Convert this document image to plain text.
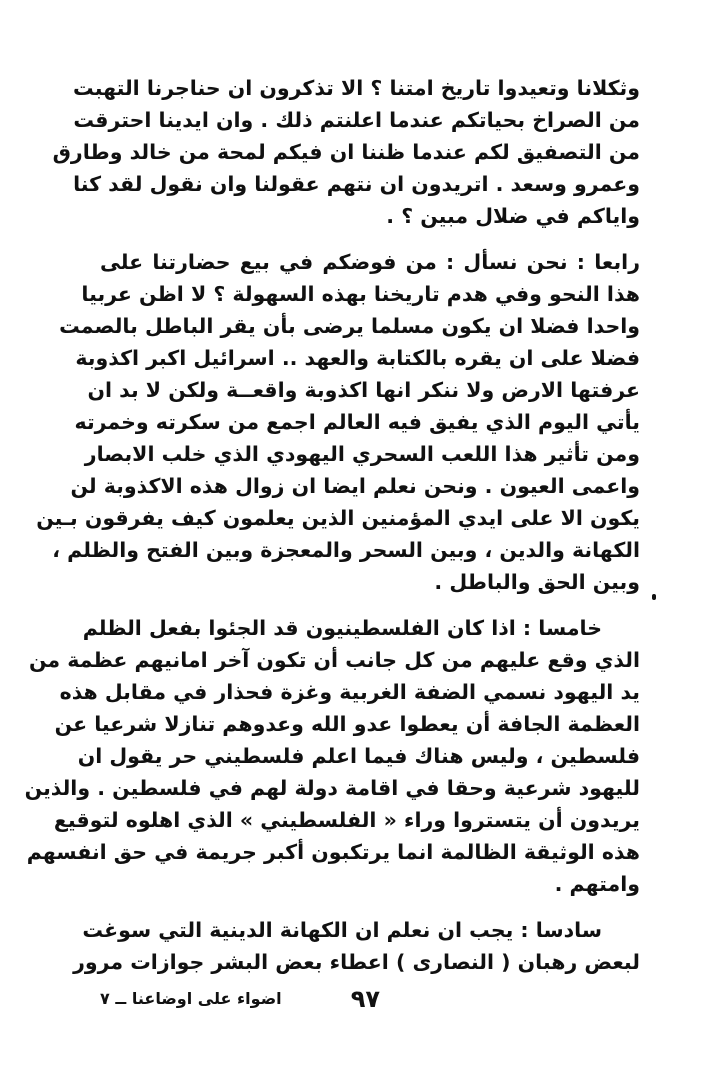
وثكلانا وتعيدوا تاريخ امتنا ؟ الا تذكرون ان حناجرنا التهبت
من الصراخ بحياتكم عندما اعلنتم ذلك . وان ايدينا احترقت
من التصفيق لكم عندما ظننا ان فيكم لمحة من خالد وطارق
وعمرو وسعد . اتريدون ان نتهم عقولنا وان نقول لقد كنا
واياكم في ضلال مبين ؟ .
رابعا : نحن نسأل : من فوضكم في بيع حضارتنا على
هذا النحو وفي هدم تاريخنا بهذه السهولة ؟ لا اظن عربيا
واحدا فضلا ان يكون مسلما يرضى بأن يقر الباطل بالصمت
فضلا على ان يقره بالكتابة والعهد .. اسرائيل اكبر اكذوبة
عرفتها الارض ولا ننكر انها اكذوبة واقعــة ولكن لا بد ان
يأتي اليوم الذي يفيق فيه العالم اجمع من سكرته وخمرته
ومن تأثير هذا اللعب السحري اليهودي الذي خلب الابصار
واعمى العيون . ونحن نعلم ايضا ان زوال هذه الاكذوبة لن
يكون الا على ايدي المؤمنين الذين يعلمون كيف يفرقون بـين
الكهانة والدين ، وبين السحر والمعجزة وبين الفتح والظلم ،
وبين الحق والباطل .
خامسا : اذا كان الفلسطينيون قد الجئوا بفعل الظلم
الذي وقع عليهم من كل جانب أن تكون آخر امانيهم عظمة من
يد اليهود نسمي الضفة الغربية وغزة فحذار في مقابل هذه
العظمة الجافة أن يعطوا عدو الله وعدوهم تنازلا شرعيا عن
فلسطين ، وليس هناك فيما اعلم فلسطيني حر يقول ان
لليهود شرعية وحقا في اقامة دولة لهم في فلسطين . والذين
يريدون أن يتستروا وراء « الفلسطيني » الذي اهلوه لتوقيع
هذه الوثيقة الظالمة انما يرتكبون أكبر جريمة في حق انفسهم
وامتهم .
سادسا : يجب ان نعلم ان الكهانة الدينية التي سوغت
لبعض رهبان ( النصارى ) اعطاء بعض البشر جوازات مرور
٩٧
اضواء على اوضاعنا ــ ٧
